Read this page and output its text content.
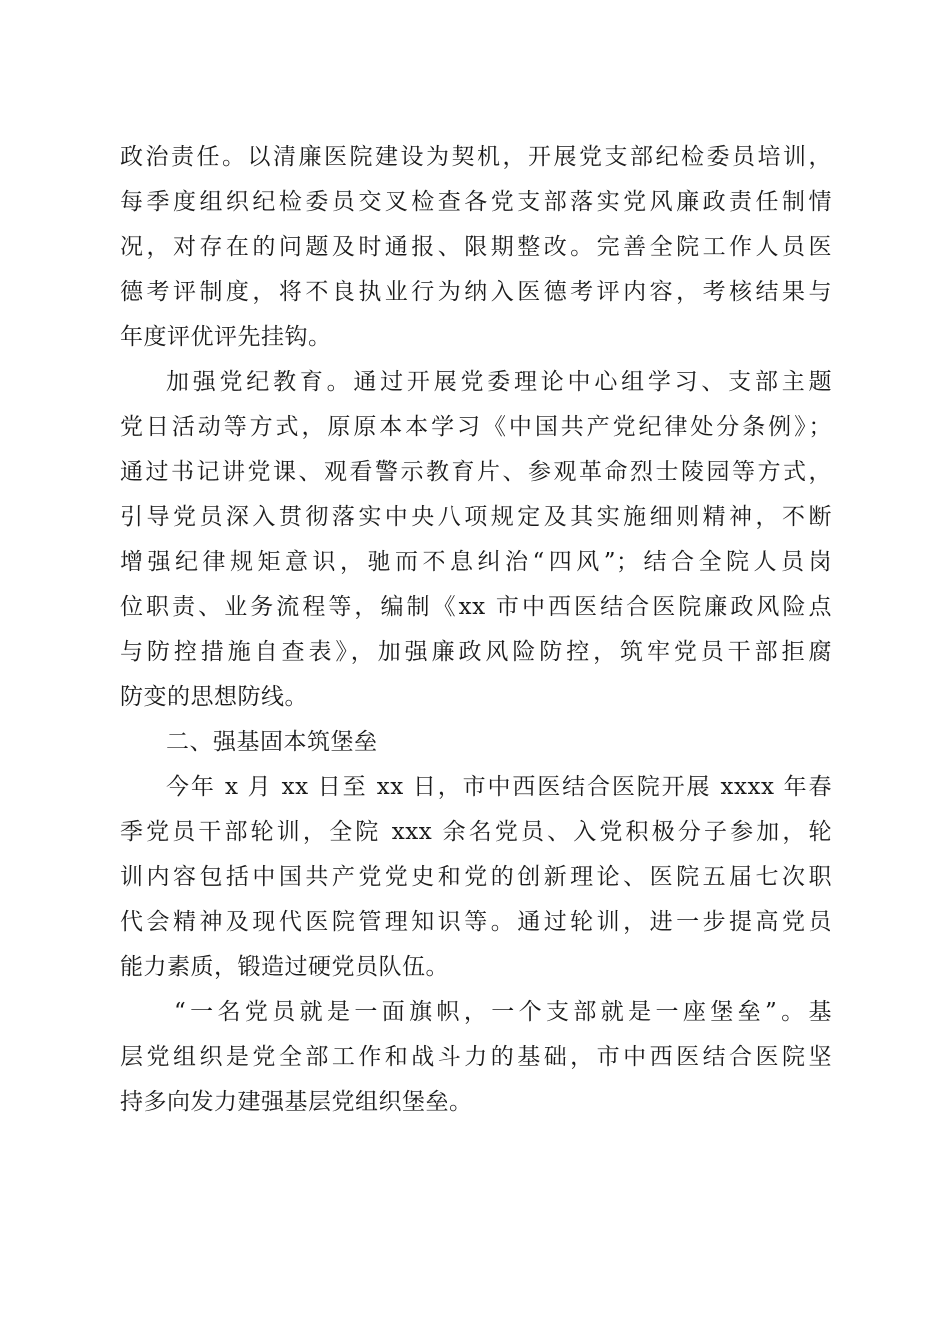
政治责任。以清廉医院建设为契机，开展党支部纪检委员培训，
每季度组织纪检委员交叉检查各党支部落实党风廉政责任制情
况，对存在的问题及时通报、限期整改。完善全院工作人员医
德考评制度，将不良执业行为纳入医德考评内容，考核结果与
年度评优评先挂钩。
加强党纪教育。通过开展党委理论中心组学习、支部主题
党日活动等方式，原原本本学习《中国共产党纪律处分条例》；
通过书记讲党课、观看警示教育片、参观革命烈士陵园等方式，
引导党员深入贯彻落实中央八项规定及其实施细则精神，不断
增强纪律规矩意识，驰而不息纠治“四风”；结合全院人员岗
位职责、业务流程等，编制《xx 市中西医结合医院廉政风险点
与防控措施自查表》，加强廉政风险防控，筑牢党员干部拒腐
防变的思想防线。
二、强基固本筑堡垒
今年 x 月 xx 日至 xx 日，市中西医结合医院开展 xxxx 年春
季党员干部轮训，全院 xxx 余名党员、入党积极分子参加，轮
训内容包括中国共产党党史和党的创新理论、医院五届七次职
代会精神及现代医院管理知识等。通过轮训，进一步提高党员
能力素质，锻造过硬党员队伍。
“一名党员就是一面旗帜，一个支部就是一座堡垒”。基
层党组织是党全部工作和战斗力的基础，市中西医结合医院坚
持多向发力建强基层党组织堡垒。
